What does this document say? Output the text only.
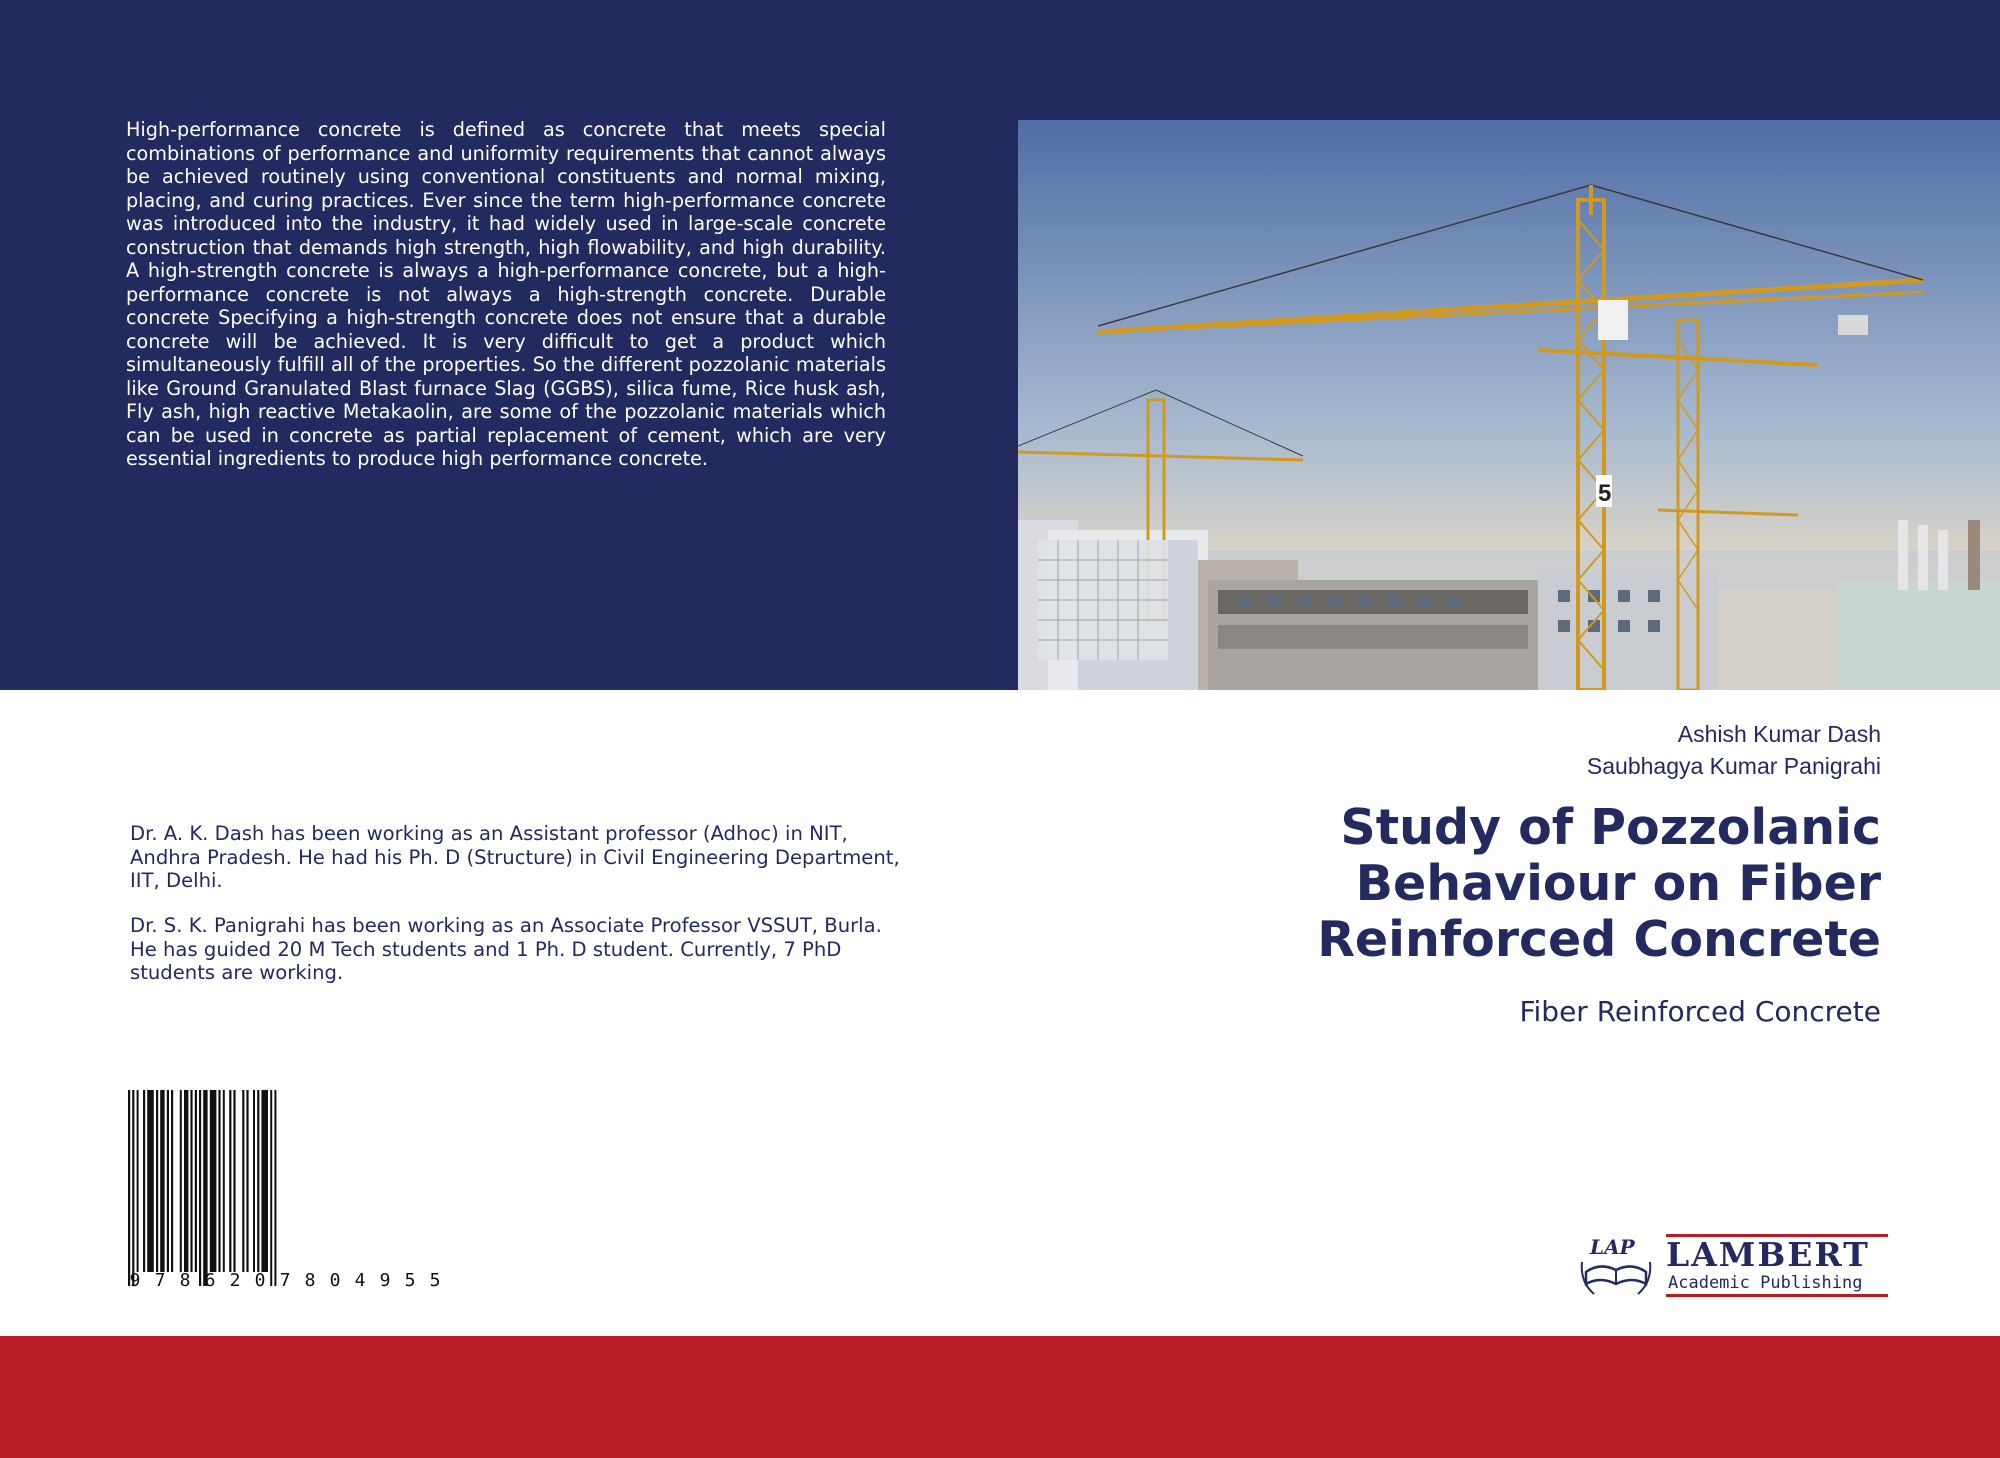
High-performance concrete is defined as concrete that meets special combinations of performance and uniformity requirements that cannot always be achieved routinely using conventional constituents and normal mixing, placing, and curing practices. Ever since the term high-performance concrete was introduced into the industry, it had widely used in large-scale concrete construction that demands high strength, high flowability, and high durability. A high-strength concrete is always a high-performance concrete, but a high-performance concrete is not always a high-strength concrete. Durable concrete Specifying a high-strength concrete does not ensure that a durable concrete will be achieved. It is very difficult to get a product which simultaneously fulfill all of the properties. So the different pozzolanic materials like Ground Granulated Blast furnace Slag (GGBS), silica fume, Rice husk ash, Fly ash, high reactive Metakaolin, are some of the pozzolanic materials which can be used in concrete as partial replacement of cement, which are very essential ingredients to produce high performance concrete.

5

Dr. A. K. Dash has been working as an Assistant professor (Adhoc) in NIT, Andhra Pradesh. He had his Ph. D (Structure) in Civil Engineering Department, IIT, Delhi.

Dr. S. K. Panigrahi has been working as an Associate Professor VSSUT, Burla. He has guided 20 M Tech students and 1 Ph. D student. Currently, 7 PhD students are working.

Ashish Kumar Dash
Saubhagya Kumar Panigrahi
Study of Pozzolanic Behaviour on Fiber Reinforced Concrete
Fiber Reinforced Concrete
9 7 8 6 2 0 7 8 0 4 9 5 5
LAP LAMBERT
Academic Publishing
